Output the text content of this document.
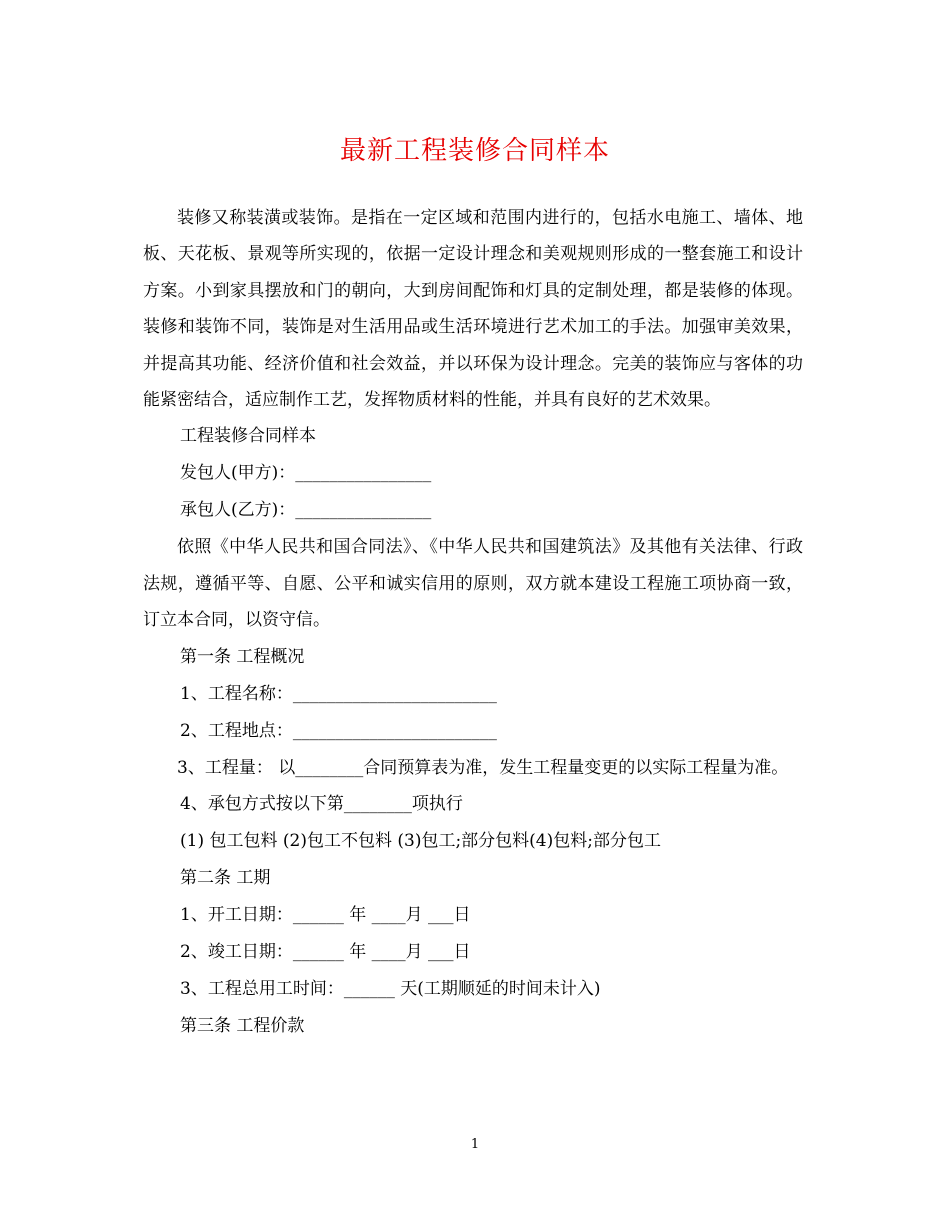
最新工程装修合同样本

装修又称装潢或装饰。是指在一定区域和范围内进行的，包括水电施工、墙体、地板、天花板、景观等所实现的，依据一定设计理念和美观规则形成的一整套施工和设计方案。小到家具摆放和门的朝向，大到房间配饰和灯具的定制处理，都是装修的体现。装修和装饰不同，装饰是对生活用品或生活环境进行艺术加工的手法。加强审美效果，并提高其功能、经济价值和社会效益，并以环保为设计理念。完美的装饰应与客体的功能紧密结合，适应制作工艺，发挥物质材料的性能，并具有良好的艺术效果。

工程装修合同样本

发包人(甲方)：________________

承包人(乙方)：________________

依照《中华人民共和国合同法》、《中华人民共和国建筑法》及其他有关法律、行政法规，遵循平等、自愿、公平和诚实信用的原则，双方就本建设工程施工项协商一致，订立本合同，以资守信。

第一条 工程概况

1、工程名称：________________________

2、工程地点：________________________

3、工程量： 以________合同预算表为准，发生工程量变更的以实际工程量为准。

4、承包方式按以下第________项执行

(1) 包工包料 (2)包工不包料 (3)包工;部分包料(4)包料;部分包工

第二条 工期

1、开工日期：______ 年 ____月 ___日

2、竣工日期：______ 年 ____月 ___日

3、工程总用工时间：______ 天(工期顺延的时间未计入)

第三条 工程价款

1
